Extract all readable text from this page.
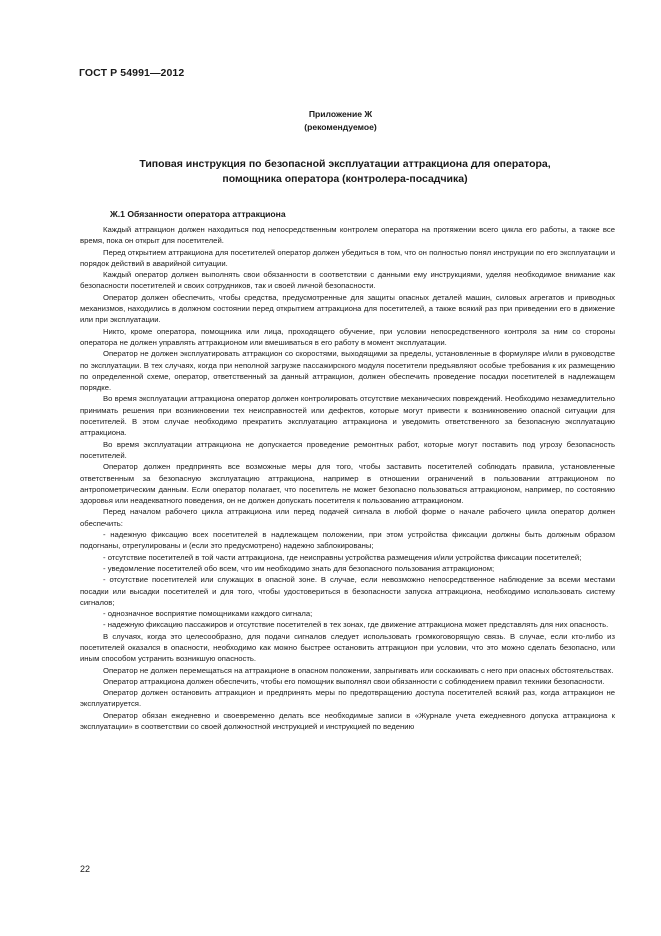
ГОСТ Р 54991—2012
Приложение Ж
(рекомендуемое)
Типовая инструкция по безопасной эксплуатации аттракциона для оператора,
помощника оператора (контролера-посадчика)
Ж.1 Обязанности оператора аттракциона

Каждый аттракцион должен находиться под непосредственным контролем оператора на протяжении всего цикла его работы, а также все время, пока он открыт для посетителей.

Перед открытием аттракциона для посетителей оператор должен убедиться в том, что он полностью понял инструкции по его эксплуатации и порядок действий в аварийной ситуации.

Каждый оператор должен выполнять свои обязанности в соответствии с данными ему инструкциями, уделяя необходимое внимание как безопасности посетителей и своих сотрудников, так и своей личной безопасности.

Оператор должен обеспечить, чтобы средства, предусмотренные для защиты опасных деталей машин, силовых агрегатов и приводных механизмов, находились в должном состоянии перед открытием аттракциона для посетителей, а также всякий раз при приведении его в движение или при эксплуатации.

Никто, кроме оператора, помощника или лица, проходящего обучение, при условии непосредственного контроля за ним со стороны оператора не должен управлять аттракционом или вмешиваться в его работу в момент эксплуатации.

Оператор не должен эксплуатировать аттракцион со скоростями, выходящими за пределы, установленные в формуляре и/или в руководстве по эксплуатации. В тех случаях, когда при неполной загрузке пассажирского модуля посетители предъявляют особые требования к их размещению по определенной схеме, оператор, ответственный за данный аттракцион, должен обеспечить проведение посадки посетителей в надлежащем порядке.

Во время эксплуатации аттракциона оператор должен контролировать отсутствие механических повреждений. Необходимо незамедлительно принимать решения при возникновении тех неисправностей или дефектов, которые могут привести к возникновению опасной ситуации для посетителей. В этом случае необходимо прекратить эксплуатацию аттракциона и уведомить ответственного за безопасную эксплуатацию аттракциона.

Во время эксплуатации аттракциона не допускается проведение ремонтных работ, которые могут поставить под угрозу безопасность посетителей.

Оператор должен предпринять все возможные меры для того, чтобы заставить посетителей соблюдать правила, установленные ответственным за безопасную эксплуатацию аттракциона, например в отношении ограничений в пользовании аттракционом по антропометрическим данным. Если оператор полагает, что посетитель не может безопасно пользоваться аттракционом, например, по состоянию здоровья или неадекватного поведения, он не должен допускать посетителя к пользованию аттракционом.

Перед началом рабочего цикла аттракциона или перед подачей сигнала в любой форме о начале рабочего цикла оператор должен обеспечить:

- надежную фиксацию всех посетителей в надлежащем положении, при этом устройства фиксации должны быть должным образом подогнаны, отрегулированы и (если это предусмотрено) надежно заблокированы;

- отсутствие посетителей в той части аттракциона, где неисправны устройства размещения и/или устройства фиксации посетителей;

- уведомление посетителей обо всем, что им необходимо знать для безопасного пользования аттракционом;

- отсутствие посетителей или служащих в опасной зоне. В случае, если невозможно непосредственное наблюдение за всеми местами посадки или высадки посетителей и для того, чтобы удостовериться в безопасности запуска аттракциона, необходимо использовать систему сигналов;

- однозначное восприятие помощниками каждого сигнала;

- надежную фиксацию пассажиров и отсутствие посетителей в тех зонах, где движение аттракциона может представлять для них опасность.

В случаях, когда это целесообразно, для подачи сигналов следует использовать громкоговорящую связь. В случае, если кто-либо из посетителей оказался в опасности, необходимо как можно быстрее остановить аттракцион при условии, что это можно сделать безопасно, или иным способом устранить возникшую опасность.

Оператор не должен перемещаться на аттракционе в опасном положении, запрыгивать или соскакивать с него при опасных обстоятельствах.

Оператор аттракциона должен обеспечить, чтобы его помощник выполнял свои обязанности с соблюдением правил техники безопасности.

Оператор должен остановить аттракцион и предпринять меры по предотвращению доступа посетителей всякий раз, когда аттракцион не эксплуатируется.

Оператор обязан ежедневно и своевременно делать все необходимые записи в «Журнале учета ежедневного допуска аттракциона к эксплуатации» в соответствии со своей должностной инструкцией и инструкцией по ведению

22
